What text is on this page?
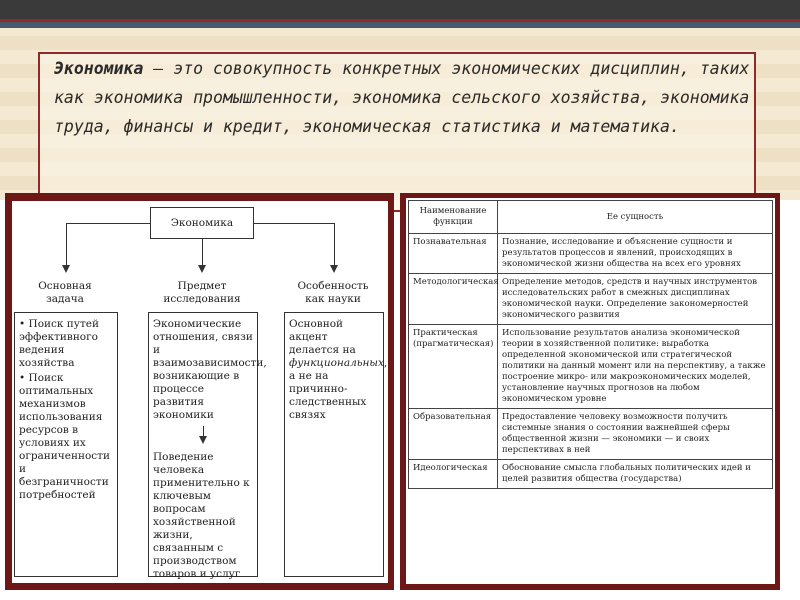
Экономика – это совокупность конкретных экономических дисциплин, таких как экономика промышленности, экономика сельского хозяйства, экономика труда, финансы и кредит, экономическая статистика и математика.
Экономика
Основная задача
• Поиск путей эффективного ведения хозяйства
• Поиск оптимальных механизмов использования ресурсов в условиях их ограниченности и безграничности потребностей
Предмет исследования
Экономические отношения, связи и взаимозависимости, возникающие в процессе развития экономики
Поведение человека применительно к ключевым вопросам хозяйственной жизни, связанным с производством товаров и услуг
Особенность как науки
Основной акцент делается на функциональных, а не на причинно-следственных связях
Наименование функции	Ее сущность
Познавательная	Познание, исследование и объяснение сущности и результатов процессов и явлений, происходящих в экономической жизни общества на всех его уровнях
Методологическая	Определение методов, средств и научных инструментов исследовательских работ в смежных дисциплинах экономической науки. Определение закономерностей экономического развития
Практическая (прагматическая)	Использование результатов анализа экономической теории в хозяйственной политике: выработка определенной экономической или стратегической политики на данный момент или на перспективу, а также построение микро- или макроэкономических моделей, установление научных прогнозов на любом экономическом уровне
Образовательная	Предоставление человеку возможности получить системные знания о состоянии важнейшей сферы общественной жизни — экономики — и своих перспективах в ней
Идеологическая	Обоснование смысла глобальных политических идей и целей развития общества (государства)
